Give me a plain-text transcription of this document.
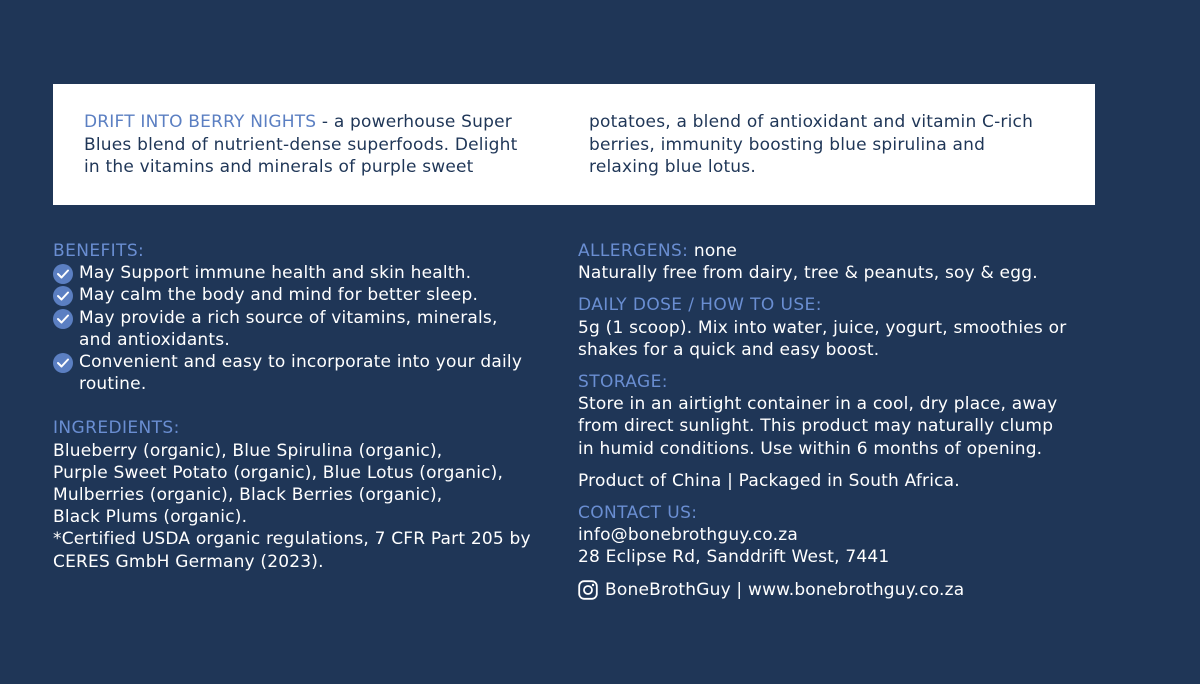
DRIFT INTO BERRY NIGHTS - a powerhouse Super
Blues blend of nutrient-dense superfoods. Delight
in the vitamins and minerals of purple sweet
potatoes, a blend of antioxidant and vitamin C-rich
berries, immunity boosting blue spirulina and
relaxing blue lotus.
BENEFITS:
May Support immune health and skin health.
May calm the body and mind for better sleep.
May provide a rich source of vitamins, minerals,
and antioxidants.
Convenient and easy to incorporate into your daily
routine.
INGREDIENTS:
Blueberry (organic), Blue Spirulina (organic),
Purple Sweet Potato (organic), Blue Lotus (organic),
Mulberries (organic), Black Berries (organic),
Black Plums (organic).
*Certified USDA organic regulations, 7 CFR Part 205 by
CERES GmbH Germany (2023).
ALLERGENS: none
Naturally free from dairy, tree & peanuts, soy & egg.
DAILY DOSE / HOW TO USE:
5g (1 scoop). Mix into water, juice, yogurt, smoothies or
shakes for a quick and easy boost.
STORAGE:
Store in an airtight container in a cool, dry place, away
from direct sunlight. This product may naturally clump
in humid conditions. Use within 6 months of opening.
Product of China | Packaged in South Africa.
CONTACT US:
info@bonebrothguy.co.za
28 Eclipse Rd, Sanddrift West, 7441
BoneBrothGuy | www.bonebrothguy.co.za
